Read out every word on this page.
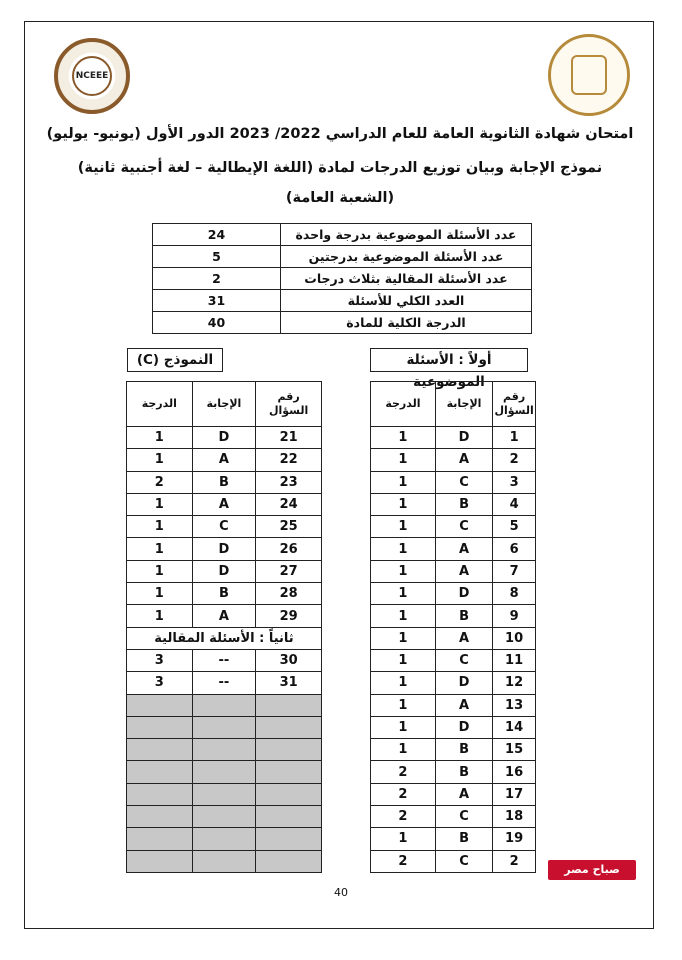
NCEEE
امتحان شهادة الثانوية العامة للعام الدراسي 2022/ 2023 الدور الأول (يونيو- يوليو)
نموذج الإجابة وبيان توزيع الدرجات لمادة (اللغة الإيطالية – لغة أجنبية ثانية)
(الشعبة العامة)
عدد الأسئلة الموضوعية بدرجة واحدة	24
عدد الأسئلة الموضوعية بدرجتين	5
عدد الأسئلة المقالية بثلاث درجات	2
العدد الكلي للأسئلة	31
الدرجة الكلية للمادة	40
أولاً : الأسئلة الموضوعية
النموذج (C)
رقم السؤال	الإجابة	الدرجة
1	D	1
2	A	1
3	C	1
4	B	1
5	C	1
6	A	1
7	A	1
8	D	1
9	B	1
10	A	1
11	C	1
12	D	1
13	A	1
14	D	1
15	B	1
16	B	2
17	A	2
18	C	2
19	B	1
2	C	2
رقم السؤال	الإجابة	الدرجة
21	D	1
22	A	1
23	B	2
24	A	1
25	C	1
26	D	1
27	D	1
28	B	1
29	A	1
ثانياً : الأسئلة المقالية		
30	--	3
31	--	3

40
صباح مصر
